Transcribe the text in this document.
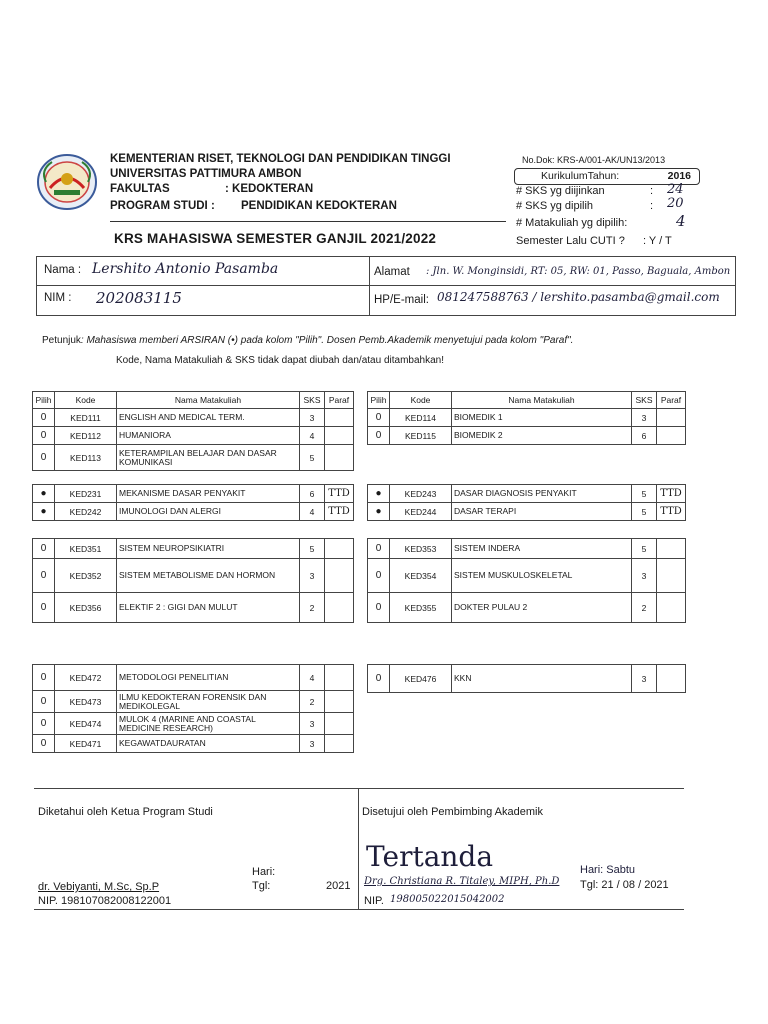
KEMENTERIAN RISET, TEKNOLOGI DAN PENDIDIKAN TINGGI
UNIVERSITAS PATTIMURA AMBON
FAKULTAS	: KEDOKTERAN
PROGRAM STUDI : PENDIDIKAN KEDOKTERAN
No.Dok: KRS-A/001-AK/UN13/2013
KurikulumTahun:	2016
# SKS yg diijinkan	: 24
# SKS yg dipilih	: 20
# Matakuliah yg dipilih:	4
Semester Lalu CUTI ? : Y / T
KRS MAHASISWA SEMESTER GANJIL 2021/2022
Nama : Lershito Antonio Pasamba
NIM : 202083115
Alamat : Jln. W. Monginsidi, RT: 05, RW: 01, Passo, Baguala, Ambon
HP/E-mail: 081247588763 / lershito.pasamba@gmail.com
Petunjuk: Mahasiswa memberi ARSIRAN (•) pada kolom "Pilih". Dosen Pemb.Akademik menyetujui pada kolom "Paraf".
Kode, Nama Matakuliah & SKS tidak dapat diubah dan/atau ditambahkan!
Pilih	Kode	Nama Matakuliah	SKS	Paraf
0	KED111	ENGLISH AND MEDICAL TERM.	3	
0	KED112	HUMANIORA	4	
0	KED113	KETERAMPILAN BELAJAR DAN DASAR KOMUNIKASI	5	
Pilih	Kode	Nama Matakuliah	SKS	Paraf
0	KED114	BIOMEDIK 1	3	
0	KED115	BIOMEDIK 2	6	
●	KED231	MEKANISME DASAR PENYAKIT	6	TTD
●	KED242	IMUNOLOGI DAN ALERGI	4	TTD
●	KED243	DASAR DIAGNOSIS PENYAKIT	5	TTD
●	KED244	DASAR TERAPI	5	TTD
0	KED351	SISTEM NEUROPSIKIATRI	5	
0	KED352	SISTEM METABOLISME DAN HORMON	3	
0	KED356	ELEKTIF 2 : GIGI DAN MULUT	2	
0	KED353	SISTEM INDERA	5	
0	KED354	SISTEM MUSKULOSKELETAL	3	
0	KED355	DOKTER PULAU 2	2	
0	KED472	METODOLOGI PENELITIAN	4	
0	KED473	ILMU KEDOKTERAN FORENSIK DAN MEDIKOLEGAL	2	
0	KED474	MULOK 4 (MARINE AND COASTAL MEDICINE RESEARCH)	3	
0	KED471	KEGAWATDAURATAN	3	
0	KED476	KKN	3	
Diketahui oleh Ketua Program Studi
Hari:
Tgl:	2021
dr. Vebiyanti, M.Sc, Sp.P
NIP. 198107082008122001
Disetujui oleh Pembimbing Akademik
Tertanda
Drg. Christiana R. Titaley, MIPH, Ph.D
NIP. 198005022015042002
Hari: Sabtu
Tgl: 21 / 08 / 2021
